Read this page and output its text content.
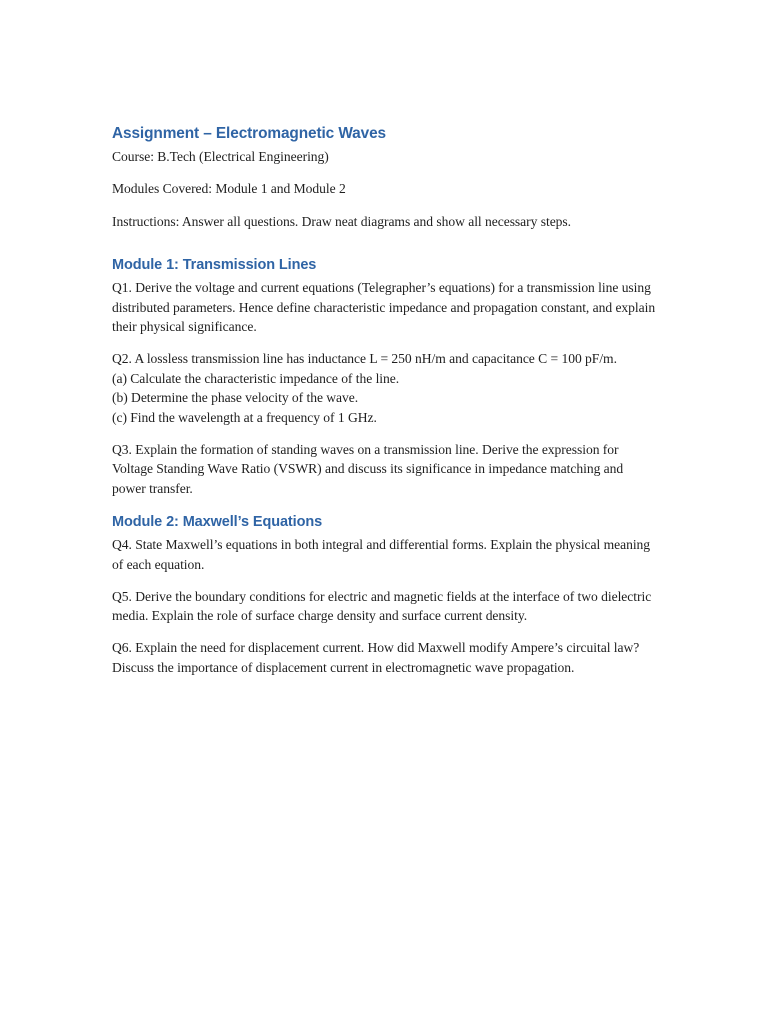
Assignment – Electromagnetic Waves

Course: B.Tech (Electrical Engineering)

Modules Covered: Module 1 and Module 2

Instructions: Answer all questions. Draw neat diagrams and show all necessary steps.

Module 1: Transmission Lines

Q1. Derive the voltage and current equations (Telegrapher’s equations) for a transmission line using distributed parameters. Hence define characteristic impedance and propagation constant, and explain their physical significance.

Q2. A lossless transmission line has inductance L = 250 nH/m and capacitance C = 100 pF/m.
(a) Calculate the characteristic impedance of the line.
(b) Determine the phase velocity of the wave.
(c) Find the wavelength at a frequency of 1 GHz.

Q3. Explain the formation of standing waves on a transmission line. Derive the expression for Voltage Standing Wave Ratio (VSWR) and discuss its significance in impedance matching and power transfer.

Module 2: Maxwell’s Equations

Q4. State Maxwell’s equations in both integral and differential forms. Explain the physical meaning of each equation.

Q5. Derive the boundary conditions for electric and magnetic fields at the interface of two dielectric media. Explain the role of surface charge density and surface current density.

Q6. Explain the need for displacement current. How did Maxwell modify Ampere’s circuital law? Discuss the importance of displacement current in electromagnetic wave propagation.
